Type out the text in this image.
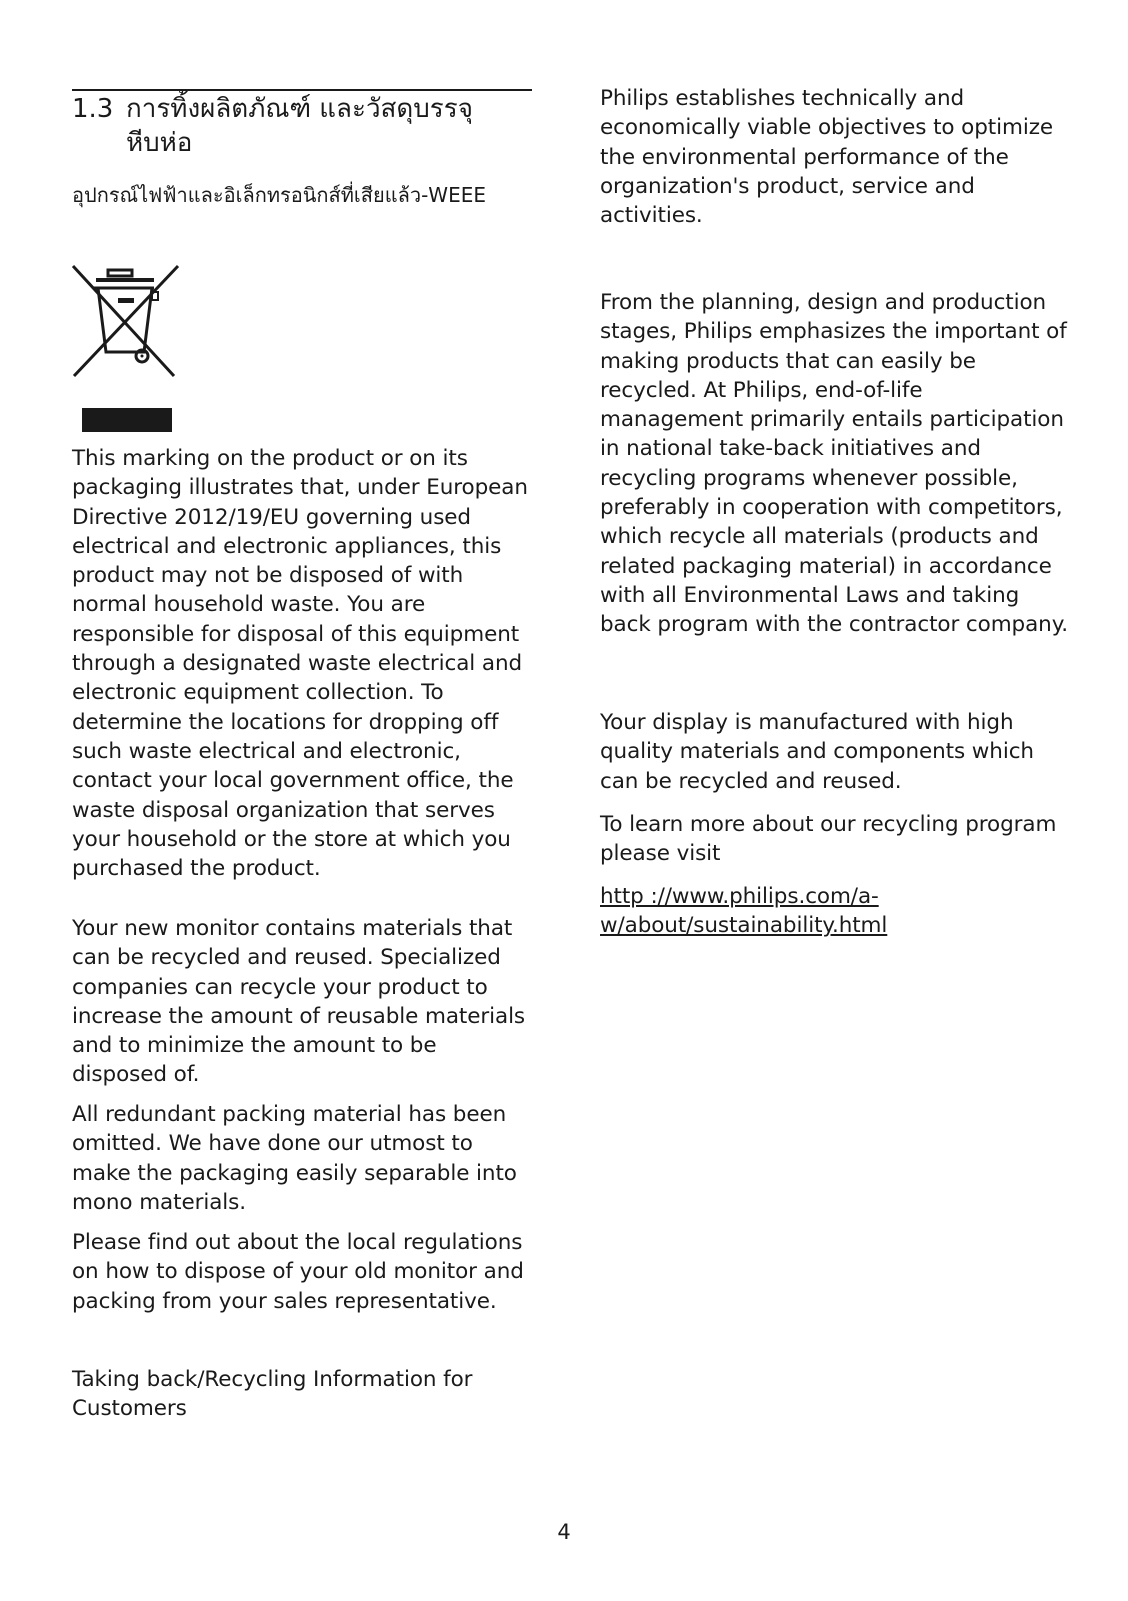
1.3 การทิ้งผลิตภัณฑ์ และวัสดุบรรจุ
หีบห่อ
อุปกรณ์ไฟฟ้าและอิเล็กทรอนิกส์ที่เสียแล้ว-WEEE

This marking on the product or on its packaging illustrates that, under European Directive 2012/19/EU governing used electrical and electronic appliances, this product may not be disposed of with normal household waste. You are responsible for disposal of this equipment through a designated waste electrical and electronic equipment collection. To determine the locations for dropping off such waste electrical and electronic, contact your local government office, the waste disposal organization that serves your household or the store at which you purchased the product.

Your new monitor contains materials that can be recycled and reused. Specialized companies can recycle your product to increase the amount of reusable materials and to minimize the amount to be disposed of.

All redundant packing material has been omitted. We have done our utmost to make the packaging easily separable into mono materials.

Please find out about the local regulations on how to dispose of your old monitor and packing from your sales representative.

Taking back/Recycling Information for Customers

Philips establishes technically and economically viable objectives to optimize the environmental performance of the organization's product, service and activities.

From the planning, design and production stages, Philips emphasizes the important of making products that can easily be recycled. At Philips, end-of-life management primarily entails participation in national take-back initiatives and recycling programs whenever possible, preferably in cooperation with competitors, which recycle all materials (products and related packaging material) in accordance with all Environmental Laws and taking back program with the contractor company.

Your display is manufactured with high quality materials and components which can be recycled and reused.

To learn more about our recycling program please visit

http ://www.philips.com/a-w/about/sustainability.html

4
